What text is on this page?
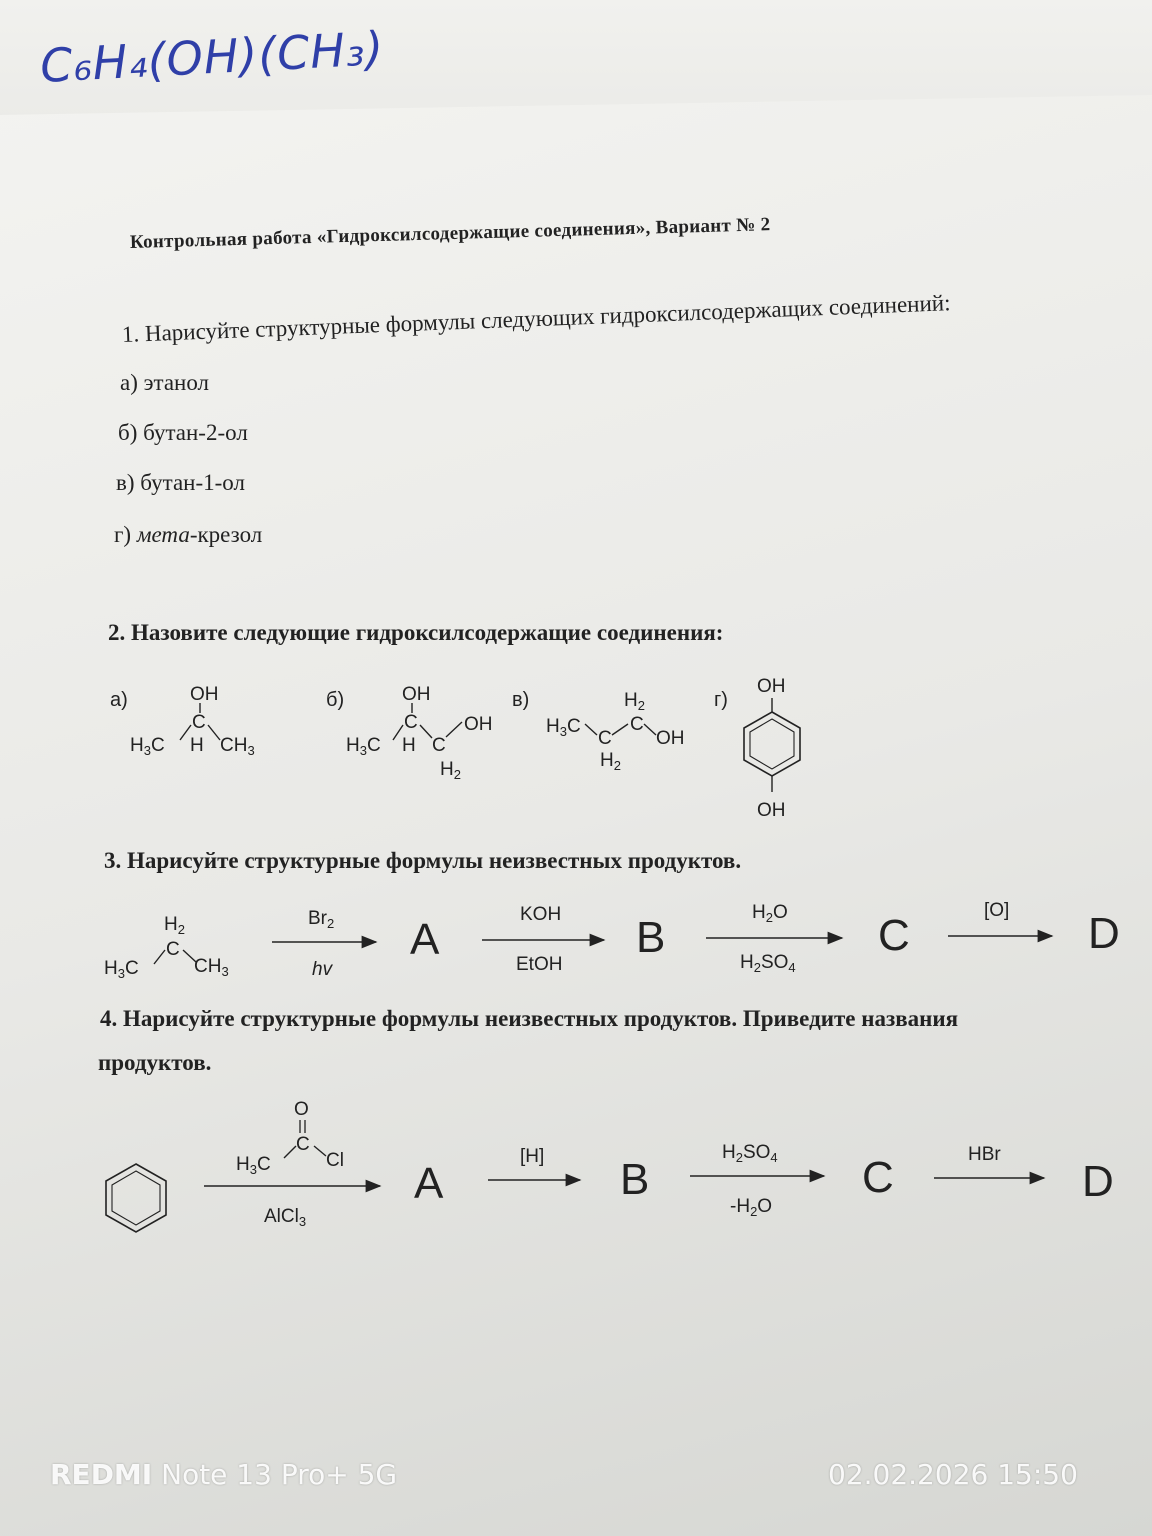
C₆H₄(OH)(CH₃)
Контрольная работа «Гидроксилсодержащие соединения», Вариант № 2
1. Нарисуйте структурные формулы следующих гидроксилсодержащих соединений:
а) этанол
б) бутан-2-ол
в) бутан-1-ол
г) мета-крезол
2. Назовите следующие гидроксилсодержащие соединения:
а)	б)	в)	г)
OH
C
$H_3C$ H $CH_3$
OH
C
$H_3C$ H C
$H_2$
OH	$H_3C$
$H_2$
C
C
$H_2$
OH
OH
OH
$H_2$
C
$H_3C$	$CH_3$
$Br_2$
hv
A
KOH
EtOH
B
$H_2O$
$H_2SO_4$
C
[O] D
O
C
$H_3C$	Cl
AlCl$_3$
A
[H] B
$H_2SO_4$
$-H_2O$
C	HBr
D
3. Нарисуйте структурные формулы неизвестных продуктов.
4. Нарисуйте структурные формулы неизвестных продуктов. Приведите названия
продуктов.
REDMI Note 13 Pro+ 5G	02.02.2026 15:50
